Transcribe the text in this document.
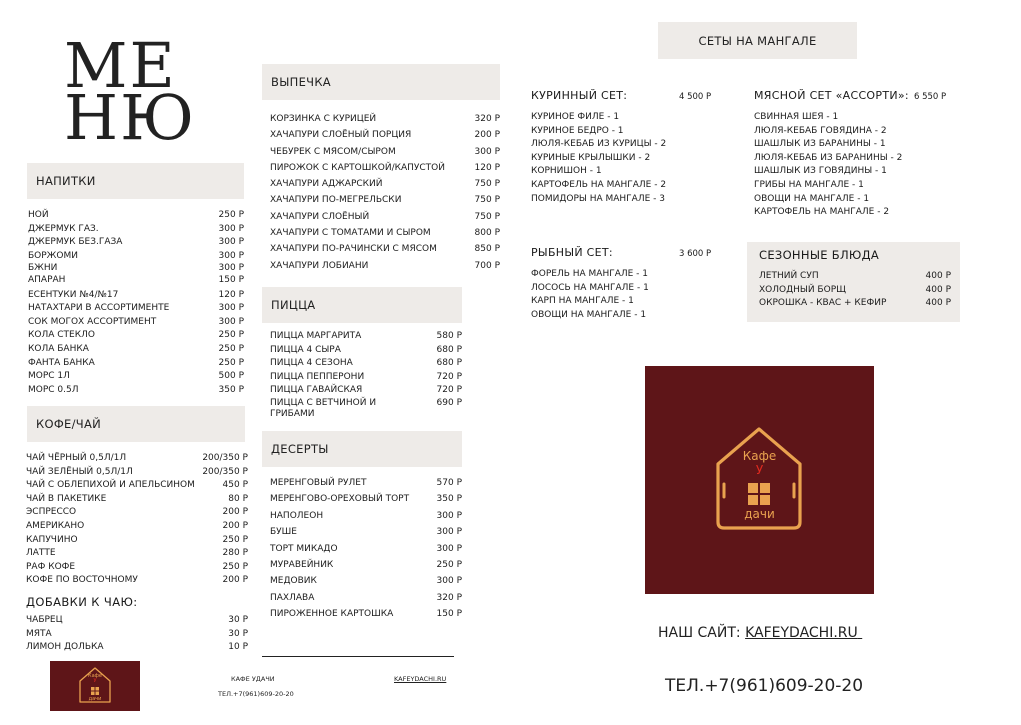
МЕ
НЮ
НАПИТКИ
НОЙ	250 Р
ДЖЕРМУК ГАЗ.	300 Р
ДЖЕРМУК БЕЗ.ГАЗА	300 Р
БОРЖОМИ	300 Р
БЖНИ	300 Р
АПАРАН	150 Р
ЕСЕНТУКИ №4/№17	120 Р
НАТАХТАРИ В АССОРТИМЕНТЕ	300 Р
СОК МОГОХ АССОРТИМЕНТ	300 Р
КОЛА СТЕКЛО	250 Р
КОЛА БАНКА	250 Р
ФАНТА БАНКА	250 Р
МОРС 1Л	500 Р
МОРС 0.5Л	350 Р
КОФЕ/ЧАЙ
ЧАЙ ЧЁРНЫЙ 0,5Л/1Л	200/350 Р
ЧАЙ ЗЕЛЁНЫЙ 0,5Л/1Л	200/350 Р
ЧАЙ С ОБЛЕПИХОЙ И АПЕЛЬСИНОМ	450 Р
ЧАЙ В ПАКЕТИКЕ	80 Р
ЭСПРЕССО	200 Р
АМЕРИКАНО	200 Р
КАПУЧИНО	250 Р
ЛАТТЕ	280 Р
РАФ КОФЕ	250 Р
КОФЕ ПО ВОСТОЧНОМУ	200 Р
ДОБАВКИ К ЧАЮ:
ЧАБРЕЦ	30 Р
МЯТА	30 Р
ЛИМОН ДОЛЬКА	10 Р
ВЫПЕЧКА
КОРЗИНКА С КУРИЦЕЙ	320 Р
ХАЧАПУРИ СЛОЁНЫЙ ПОРЦИЯ	200 Р
ЧЕБУРЕК С МЯСОМ/СЫРОМ	300 Р
ПИРОЖОК С КАРТОШКОЙ/КАПУСТОЙ	120 Р
ХАЧАПУРИ АДЖАРСКИЙ	750 Р
ХАЧАПУРИ ПО-МЕГРЕЛЬСКИ	750 Р
ХАЧАПУРИ СЛОЁНЫЙ	750 Р
ХАЧАПУРИ С ТОМАТАМИ И СЫРОМ	800 Р
ХАЧАПУРИ ПО-РАЧИНСКИ С МЯСОМ	850 Р
ХАЧАПУРИ ЛОБИАНИ	700 Р
ПИЦЦА
ПИЦЦА МАРГАРИТА	580 Р
ПИЦЦА 4 СЫРА	680 Р
ПИЦЦА 4 СЕЗОНА	680 Р
ПИЦЦА ПЕППЕРОНИ	720 Р
ПИЦЦА ГАВАЙСКАЯ	720 Р
ПИЦЦА С ВЕТЧИНОЙ И ГРИБАМИ
690 Р
ДЕСЕРТЫ
МЕРЕНГОВЫЙ РУЛЕТ	570 Р
МЕРЕНГОВО-ОРЕХОВЫЙ ТОРТ	350 Р
НАПОЛЕОН	300 Р
БУШЕ	300 Р
ТОРТ МИКАДО	300 Р
МУРАВЕЙНИК	250 Р
МЕДОВИК	300 Р
ПАХЛАВА	320 Р
ПИРОЖЕННОЕ КАРТОШКА	150 Р
СЕТЫ НА МАНГАЛЕ
КУРИННЫЙ СЕТ:	4 500 Р
КУРИНОЕ ФИЛЕ - 1
КУРИНОЕ БЕДРО - 1
ЛЮЛЯ-КЕБАБ ИЗ КУРИЦЫ - 2
КУРИНЫЕ КРЫЛЫШКИ - 2
КОРНИШОН - 1
КАРТОФЕЛЬ НА МАНГАЛЕ - 2
ПОМИДОРЫ НА МАНГАЛЕ - 3
МЯСНОЙ СЕТ «АССОРТИ»: 6 550 Р
СВИННАЯ ШЕЯ - 1
ЛЮЛЯ-КЕБАБ ГОВЯДИНА - 2
ШАШЛЫК ИЗ БАРАНИНЫ - 1
ЛЮЛЯ-КЕБАБ ИЗ БАРАНИНЫ - 2
ШАШЛЫК ИЗ ГОВЯДИНЫ - 1
ГРИБЫ НА МАНГАЛЕ - 1
ОВОЩИ НА МАНГАЛЕ - 1
КАРТОФЕЛЬ НА МАНГАЛЕ - 2
РЫБНЫЙ СЕТ:	3 600 Р
ФОРЕЛЬ НА МАНГАЛЕ - 1
ЛОСОСЬ НА МАНГАЛЕ - 1
КАРП НА МАНГАЛЕ - 1
ОВОЩИ НА МАНГАЛЕ - 1
СЕЗОННЫЕ БЛЮДА
ЛЕТНИЙ СУП	400 Р
ХОЛОДНЫЙ БОРЩ	400 Р
ОКРОШКА - КВАС + КЕФИР	400 Р
Кафе
У
дачи
НАШ САЙТ: KAFEYDACHI.RU
ТЕЛ.+7(961)609-20-20
Кафе
У
дачи
КАФЕ УДАЧИ
ТЕЛ.+7(961)609-20-20
KAFEYDACHI.RU
